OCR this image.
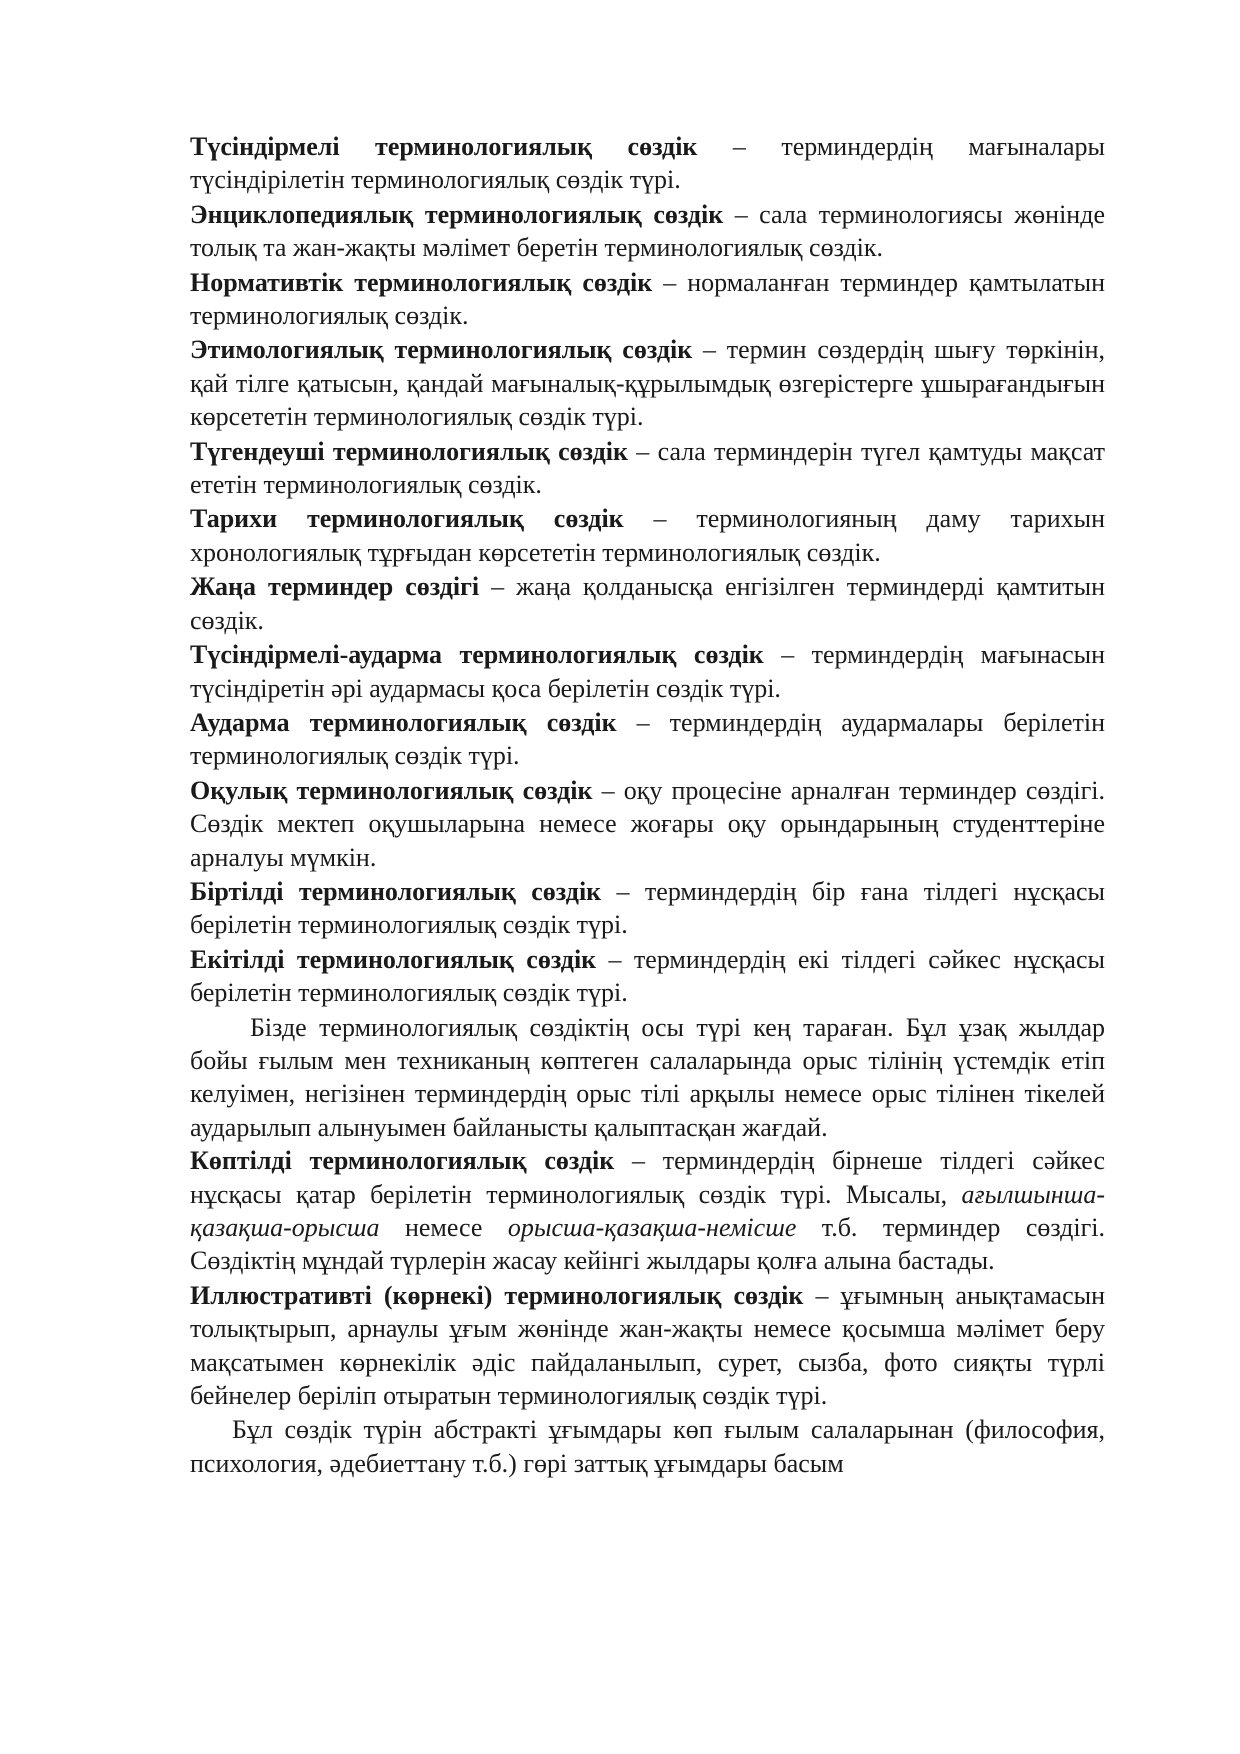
Түсіндірмелі терминологиялық сөздік – терминдердің мағыналары түсіндірілетін терминологиялық сөздік түрі.

Энциклопедиялық терминологиялық сөздік – сала терминологиясы жөнінде толық та жан-жақты мәлімет беретін терминологиялық сөздік.

Нормативтік терминологиялық сөздік – нормаланған терминдер қамтылатын терминологиялық сөздік.

Этимологиялық терминологиялық сөздік – термин сөздердің шығу төркінін, қай тілге қатысын, қандай мағыналық-құрылымдық өзгерістерге ұшырағандығын көрсететін терминологиялық сөздік түрі.

Түгендеуші терминологиялық сөздік – сала терминдерін түгел қамтуды мақсат ететін терминологиялық сөздік.

Тарихи терминологиялық сөздік – терминологияның даму тарихын хронологиялық тұрғыдан көрсететін терминологиялық сөздік.

Жаңа терминдер сөздігі – жаңа қолданысқа енгізілген терминдерді қамтитын сөздік.

Түсіндірмелі-аударма терминологиялық сөздік – терминдердің мағынасын түсіндіретін әрі аудармасы қоса берілетін сөздік түрі.

Аударма терминологиялық сөздік – терминдердің аудармалары берілетін терминологиялық сөздік түрі.

Оқулық терминологиялық сөздік – оқу процесіне арналған терминдер сөздігі. Сөздік мектеп оқушыларына немесе жоғары оқу орындарының студенттеріне арналуы мүмкін.

Біртілді терминологиялық сөздік – терминдердің бір ғана тілдегі нұсқасы берілетін терминологиялық сөздік түрі.

Екітілді терминологиялық сөздік – терминдердің екі тілдегі сәйкес нұсқасы берілетін терминологиялық сөздік түрі.

Бізде терминологиялық сөздіктің осы түрі кең тараған. Бұл ұзақ жылдар бойы ғылым мен техниканың көптеген салаларында орыс тілінің үстемдік етіп келуімен, негізінен терминдердің орыс тілі арқылы немесе орыс тілінен тікелей аударылып алынуымен байланысты қалыптасқан жағдай.

Көптілді терминологиялық сөздік – терминдердің бірнеше тілдегі сәйкес нұсқасы қатар берілетін терминологиялық сөздік түрі. Мысалы, ағылшынша-қазақша-орысша немесе орысша-қазақша-немісше т.б. терминдер сөздігі. Сөздіктің мұндай түрлерін жасау кейінгі жылдары қолға алына бастады.

Иллюстративті (көрнекі) терминологиялық сөздік – ұғымның анықтамасын толықтырып, арнаулы ұғым жөнінде жан-жақты немесе қосымша мәлімет беру мақсатымен көрнекілік әдіс пайдаланылып, сурет, сызба, фото сияқты түрлі бейнелер беріліп отыратын терминологиялық сөздік түрі.

Бұл сөздік түрін абстракті ұғымдары көп ғылым салаларынан (философия, психология, әдебиеттану т.б.) гөрі заттық ұғымдары басым
